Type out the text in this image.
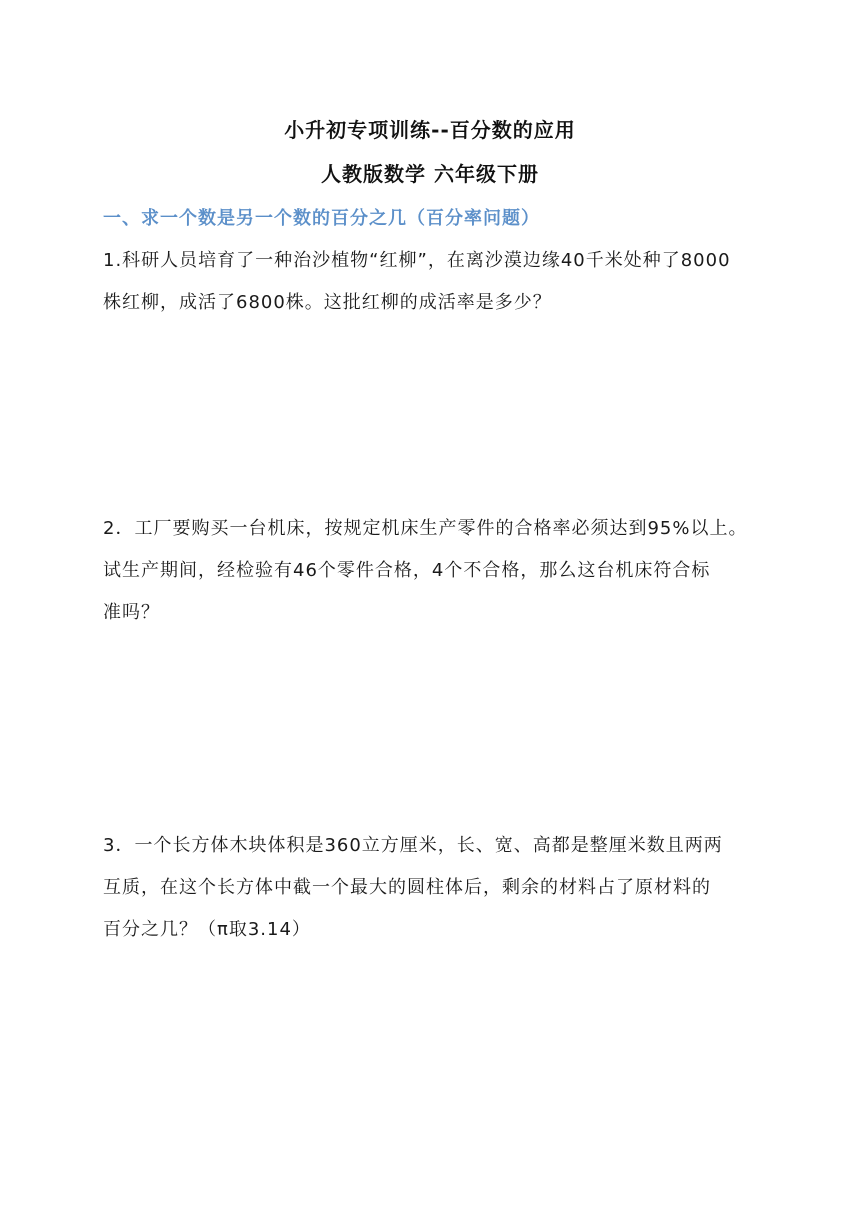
小升初专项训练--百分数的应用
人教版数学 六年级下册
一、求一个数是另一个数的百分之几（百分率问题）

1.科研人员培育了一种治沙植物“红柳”，在离沙漠边缘40千米处种了8000

株红柳，成活了6800株。这批红柳的成活率是多少？

2．工厂要购买一台机床，按规定机床生产零件的合格率必须达到95%以上。

试生产期间，经检验有46个零件合格，4个不合格，那么这台机床符合标

准吗？

3．一个长方体木块体积是360立方厘米，长、宽、高都是整厘米数且两两

互质，在这个长方体中截一个最大的圆柱体后，剩余的材料占了原材料的

百分之几？（π取3.14）
